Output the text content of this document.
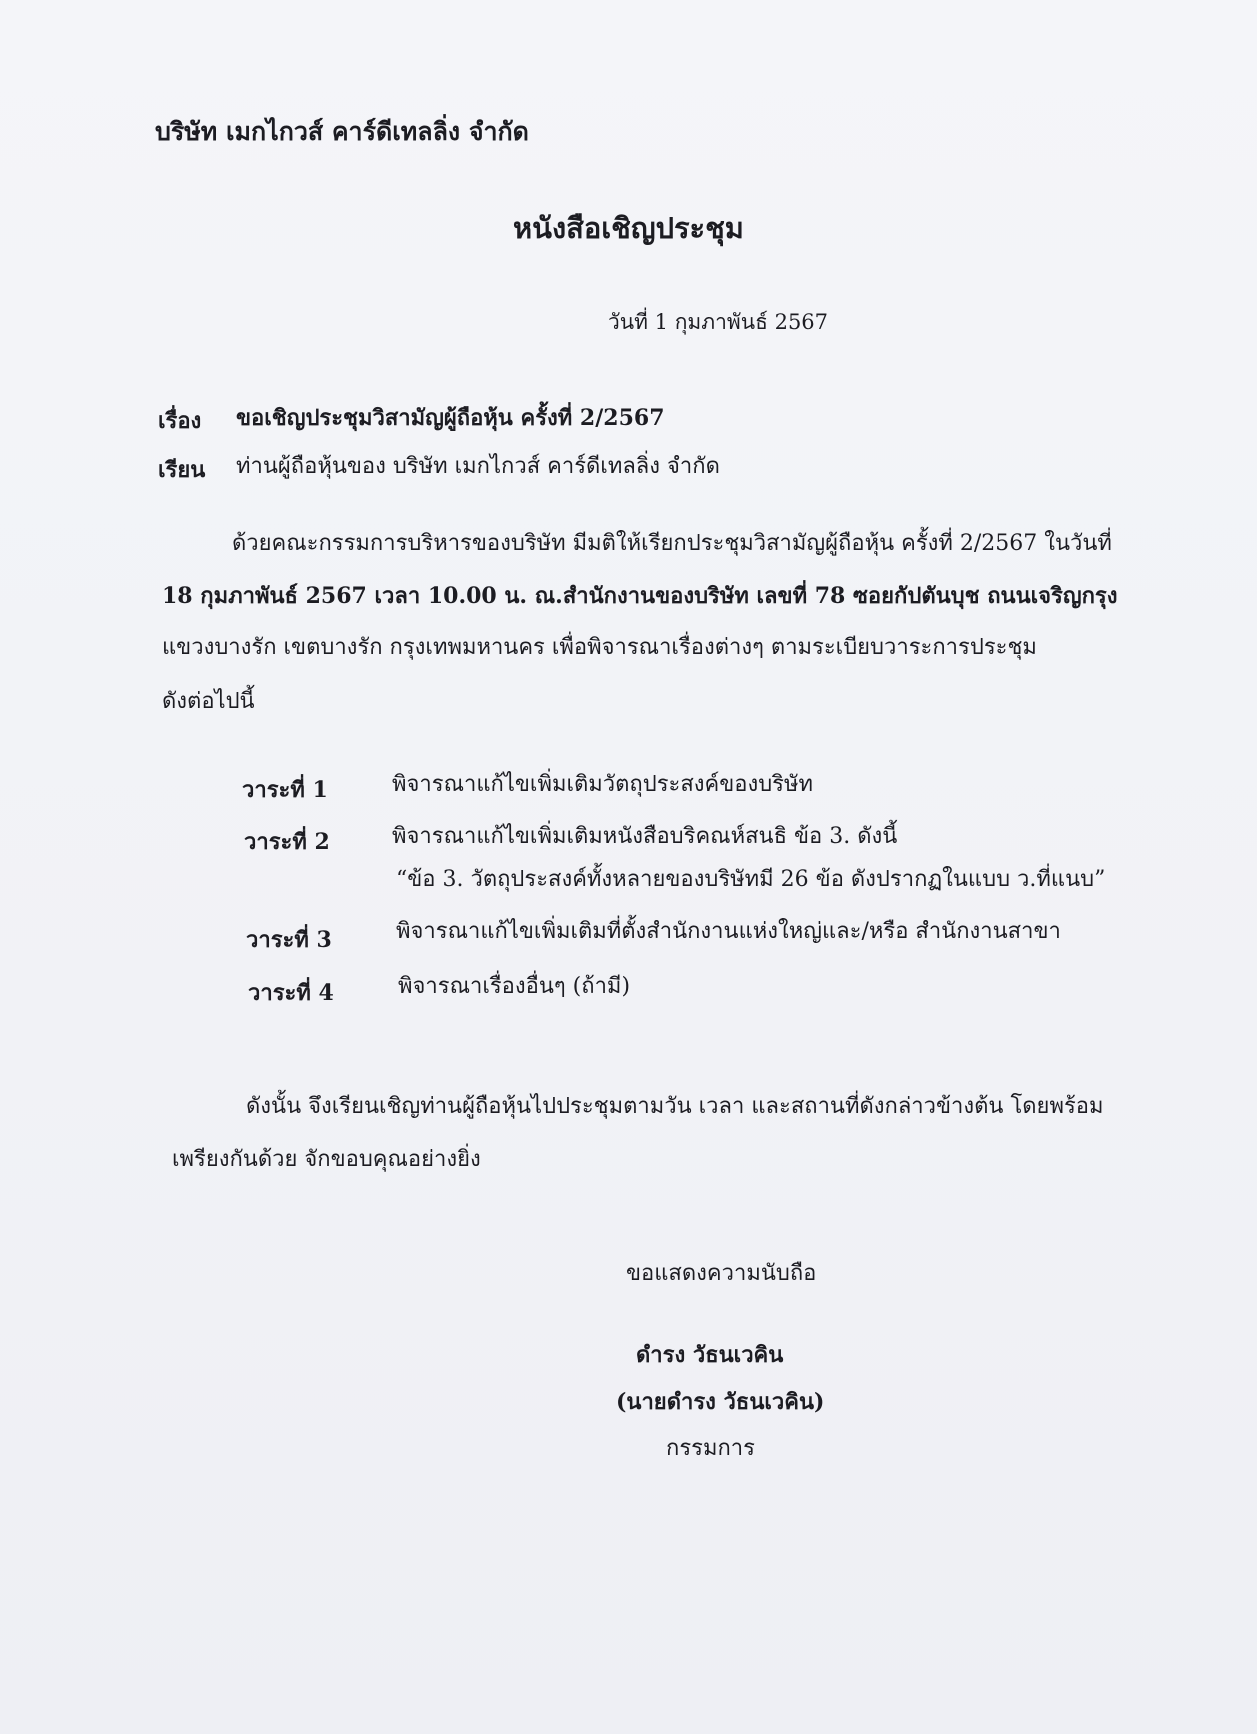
บริษัท เมกไกวส์ คาร์ดีเทลลิ่ง จำกัด
หนังสือเชิญประชุม
วันที่ 1 กุมภาพันธ์ 2567
เรื่อง ขอเชิญประชุมวิสามัญผู้ถือหุ้น ครั้งที่ 2/2567
เรียน ท่านผู้ถือหุ้นของ บริษัท เมกไกวส์ คาร์ดีเทลลิ่ง จำกัด
ด้วยคณะกรรมการบริหารของบริษัท มีมติให้เรียกประชุมวิสามัญผู้ถือหุ้น ครั้งที่ 2/2567 ในวันที่
18 กุมภาพันธ์ 2567 เวลา 10.00 น. ณ.สำนักงานของบริษัท เลขที่ 78 ซอยกัปตันบุช ถนนเจริญกรุง
แขวงบางรัก เขตบางรัก กรุงเทพมหานคร เพื่อพิจารณาเรื่องต่างๆ ตามระเบียบวาระการประชุม
ดังต่อไปนี้
วาระที่ 1	พิจารณาแก้ไขเพิ่มเติมวัตถุประสงค์ของบริษัท
วาระที่ 2	พิจารณาแก้ไขเพิ่มเติมหนังสือบริคณห์สนธิ ข้อ 3. ดังนี้
“ข้อ 3. วัตถุประสงค์ทั้งหลายของบริษัทมี 26 ข้อ ดังปรากฏในแบบ ว.ที่แนบ”
วาระที่ 3	พิจารณาแก้ไขเพิ่มเติมที่ตั้งสำนักงานแห่งใหญ่และ/หรือ สำนักงานสาขา
วาระที่ 4	พิจารณาเรื่องอื่นๆ (ถ้ามี)
ดังนั้น จึงเรียนเชิญท่านผู้ถือหุ้นไปประชุมตามวัน เวลา และสถานที่ดังกล่าวข้างต้น โดยพร้อม
เพรียงกันด้วย จักขอบคุณอย่างยิ่ง
ขอแสดงความนับถือ
ดำรง วัธนเวคิน
(นายดำรง วัธนเวคิน)
กรรมการ
